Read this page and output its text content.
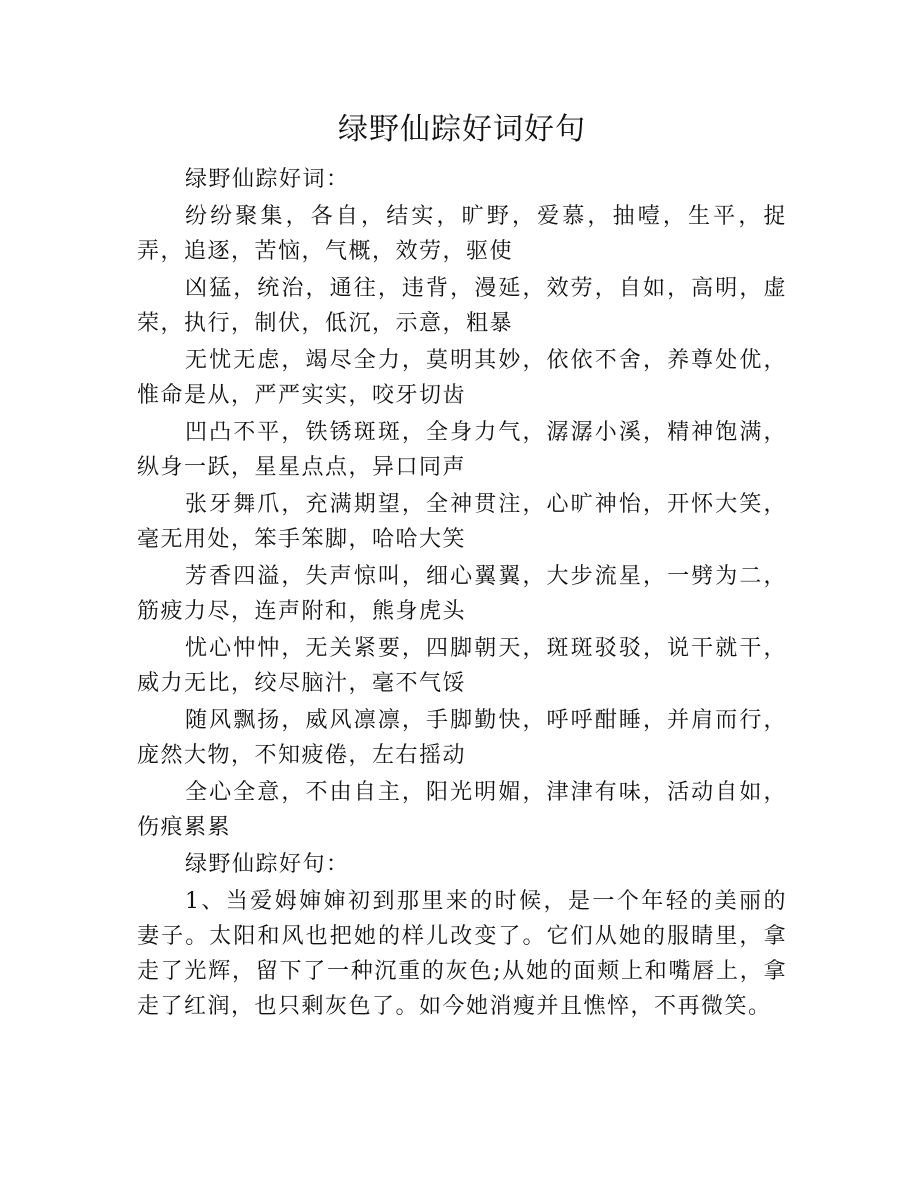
绿野仙踪好词好句

绿野仙踪好词：

纷纷聚集，各自，结实，旷野，爱慕，抽噎，生平，捉弄，追逐，苦恼，气概，效劳，驱使

凶猛，统治，通往，违背，漫延，效劳，自如，高明，虚荣，执行，制伏，低沉，示意，粗暴

无忧无虑，竭尽全力，莫明其妙，依依不舍，养尊处优，惟命是从，严严实实，咬牙切齿

凹凸不平，铁锈斑斑，全身力气，潺潺小溪，精神饱满，纵身一跃，星星点点，异口同声

张牙舞爪，充满期望，全神贯注，心旷神怡，开怀大笑，毫无用处，笨手笨脚，哈哈大笑

芳香四溢，失声惊叫，细心翼翼，大步流星，一劈为二，筋疲力尽，连声附和，熊身虎头

忧心忡忡，无关紧要，四脚朝天，斑斑驳驳，说干就干，威力无比，绞尽脑汁，毫不气馁

随风飘扬，威风凛凛，手脚勤快，呼呼酣睡，并肩而行，庞然大物，不知疲倦，左右摇动

全心全意，不由自主，阳光明媚，津津有味，活动自如，伤痕累累

绿野仙踪好句：

1、当爱姆婶婶初到那里来的时候，是一个年轻的美丽的妻子。太阳和风也把她的样儿改变了。它们从她的服睛里，拿走了光辉，留下了一种沉重的灰色;从她的面颊上和嘴唇上，拿走了红润，也只剩灰色了。如今她消瘦并且憔悴，不再微笑。
